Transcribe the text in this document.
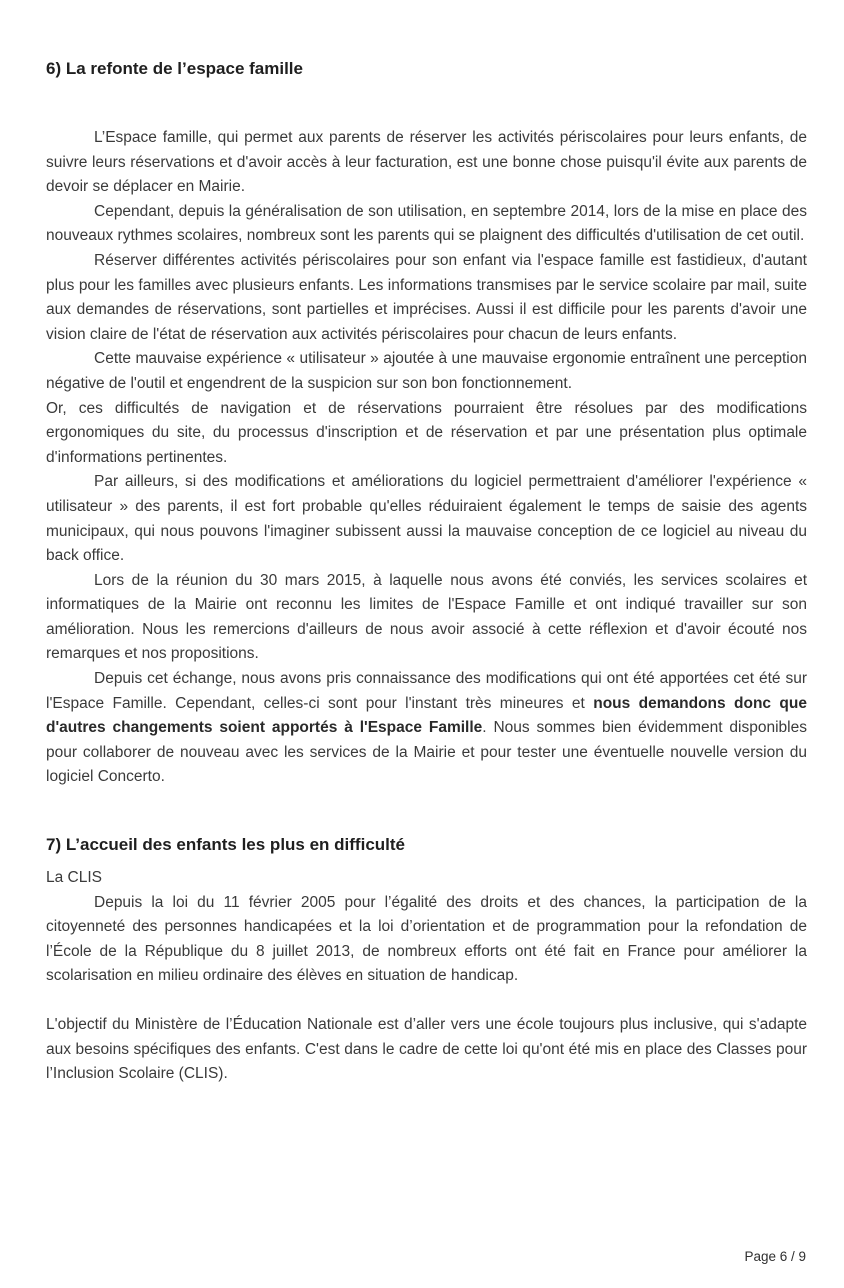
6) La refonte de l’espace famille

L’Espace famille, qui permet aux parents de réserver les activités périscolaires pour leurs enfants, de suivre leurs réservations et d'avoir accès à leur facturation, est une bonne chose puisqu'il évite aux parents de devoir se déplacer en Mairie.

Cependant, depuis la généralisation de son utilisation, en septembre 2014, lors de la mise en place des nouveaux rythmes scolaires, nombreux sont les parents qui se plaignent des difficultés d'utilisation de cet outil.

Réserver différentes activités périscolaires pour son enfant via l'espace famille est fastidieux, d'autant plus pour les familles avec plusieurs enfants. Les informations transmises par le service scolaire par mail, suite aux demandes de réservations, sont partielles et imprécises. Aussi il est difficile pour les parents d'avoir une vision claire de l'état de réservation aux activités périscolaires pour chacun de leurs enfants.

Cette mauvaise expérience « utilisateur » ajoutée à une mauvaise ergonomie entraînent une perception négative de l'outil et engendrent de la suspicion sur son bon fonctionnement.

Or, ces difficultés de navigation et de réservations pourraient être résolues par des modifications ergonomiques du site, du processus d'inscription et de réservation et par une présentation plus optimale d'informations pertinentes.

Par ailleurs, si des modifications et améliorations du logiciel permettraient d'améliorer l'expérience « utilisateur » des parents, il est fort probable qu'elles réduiraient également le temps de saisie des agents municipaux, qui nous pouvons l'imaginer subissent aussi la mauvaise conception de ce logiciel au niveau du back office.

Lors de la réunion du 30 mars 2015, à laquelle nous avons été conviés, les services scolaires et informatiques de la Mairie ont reconnu les limites de l'Espace Famille et ont indiqué travailler sur son amélioration. Nous les remercions d'ailleurs de nous avoir associé à cette réflexion et d'avoir écouté nos remarques et nos propositions.

Depuis cet échange, nous avons pris connaissance des modifications qui ont été apportées cet été sur l'Espace Famille. Cependant, celles-ci sont pour l'instant très mineures et nous demandons donc que d'autres changements soient apportés à l'Espace Famille. Nous sommes bien évidemment disponibles pour collaborer de nouveau avec les services de la Mairie et pour tester une éventuelle nouvelle version du logiciel Concerto.

7) L’accueil des enfants les plus en difficulté

La CLIS

Depuis la loi du 11 février 2005 pour l’égalité des droits et des chances, la participation de la citoyenneté des personnes handicapées et la loi d’orientation et de programmation pour la refondation de l’École de la République du 8 juillet 2013, de nombreux efforts ont été fait en France pour améliorer la scolarisation en milieu ordinaire des élèves en situation de handicap.

L'objectif du Ministère de l’Éducation Nationale est d’aller vers une école toujours plus inclusive, qui s'adapte aux besoins spécifiques des enfants. C'est dans le cadre de cette loi qu'ont été mis en place des Classes pour l’Inclusion Scolaire (CLIS).

Page 6 / 9
